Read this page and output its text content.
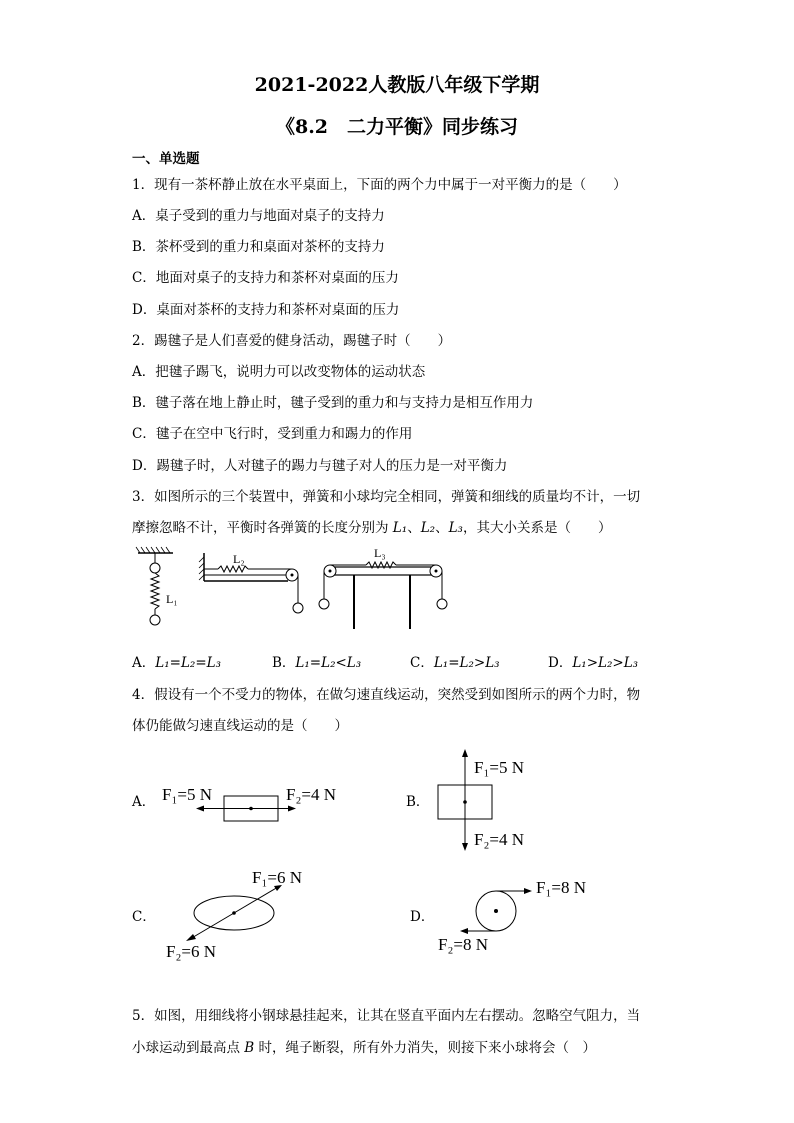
2021-2022人教版八年级下学期
《8.2　二力平衡》同步练习
一、单选题
1．现有一茶杯静止放在水平桌面上，下面的两个力中属于一对平衡力的是（　　）
A．桌子受到的重力与地面对桌子的支持力
B．茶杯受到的重力和桌面对茶杯的支持力
C．地面对桌子的支持力和茶杯对桌面的压力
D．桌面对茶杯的支持力和茶杯对桌面的压力
2．踢毽子是人们喜爱的健身活动，踢毽子时（　　）
A．把毽子踢飞，说明力可以改变物体的运动状态
B．毽子落在地上静止时，毽子受到的重力和与支持力是相互作用力
C．毽子在空中飞行时，受到重力和踢力的作用
D．踢毽子时，人对毽子的踢力与毽子对人的压力是一对平衡力
3．如图所示的三个装置中，弹簧和小球均完全相同，弹簧和细线的质量均不计，一切
摩擦忽略不计，平衡时各弹簧的长度分别为 L₁、L₂、L₃，其大小关系是（　　）
L₁
L₂	L₃
A．L₁=L₂=L₃	B．L₁=L₂<L₃	C．L₁=L₂>L₃	D．L₁>L₂>L₃
4．假设有一个不受力的物体，在做匀速直线运动，突然受到如图所示的两个力时，物
体仍能做匀速直线运动的是（　　）
A． F₁=5 N	F₂=4 N	B．
F₁=5 N
F₂=4 N
C．
F₁=6 N
F₂=6 N
D．
F₁=8 N
F₂=8 N
5．如图，用细线将小钢球悬挂起来，让其在竖直平面内左右摆动。忽略空气阻力，当
小球运动到最高点 B 时，绳子断裂，所有外力消失，则接下来小球将会（　）
